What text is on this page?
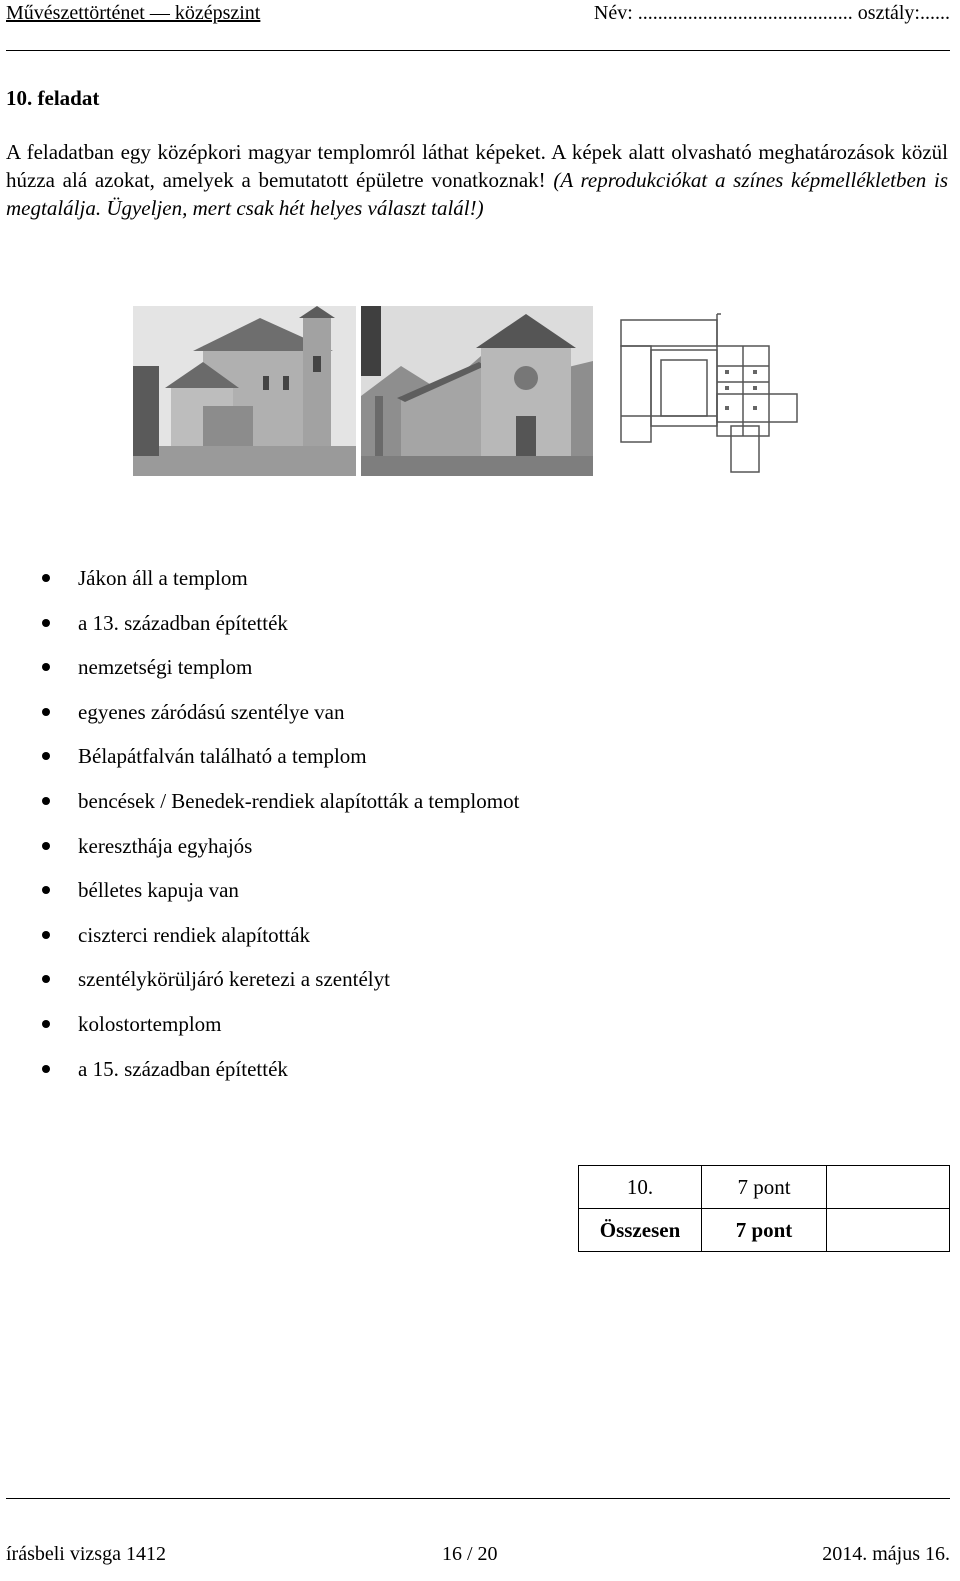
Művészettörténet — középszint	Név: ........................................... osztály:......
10. feladat
A feladatban egy középkori magyar templomról láthat képeket. A képek alatt olvasható meghatározások közül húzza alá azokat, amelyek a bemutatott épületre vonatkoznak! (A reprodukciókat a színes képmellékletben is megtalálja. Ügyeljen, mert csak hét helyes választ talál!)
Jákon áll a templom
a 13. században építették
nemzetségi templom
egyenes záródású szentélye van
Bélapátfalván található a templom
bencések / Benedek-rendiek alapították a templomot
kereszthája egyhajós
bélletes kapuja van
ciszterci rendiek alapították
szentélykörüljáró keretezi a szentélyt
kolostortemplom
a 15. században építették
10.	7 pont	
Összesen	7 pont	
írásbeli vizsga 1412	16 / 20	2014. május 16.
